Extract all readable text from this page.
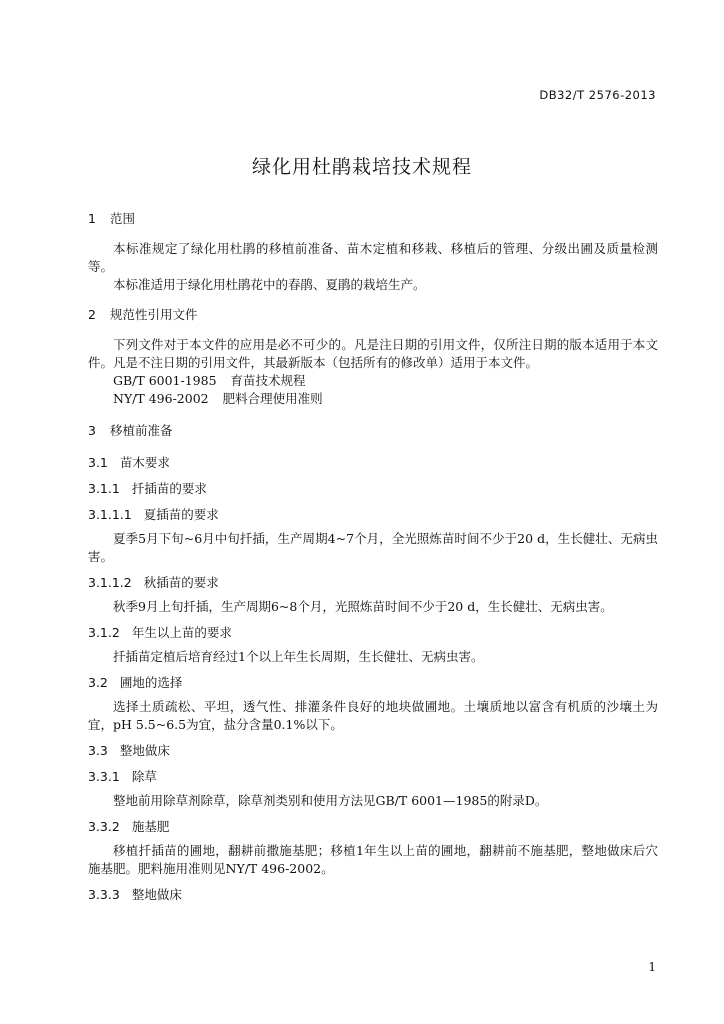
DB32/T 2576-2013
绿化用杜鹃栽培技术规程
1 范围

本标准规定了绿化用杜鹃的移植前准备、苗木定植和移栽、移植后的管理、分级出圃及质量检测等。

本标准适用于绿化用杜鹃花中的春鹃、夏鹃的栽培生产。

2 规范性引用文件

下列文件对于本文件的应用是必不可少的。凡是注日期的引用文件，仅所注日期的版本适用于本文件。凡是不注日期的引用文件，其最新版本（包括所有的修改单）适用于本文件。

GB/T 6001-1985 育苗技术规程

NY/T 496-2002 肥料合理使用准则

3 移植前准备
3.1 苗木要求
3.1.1 扦插苗的要求
3.1.1.1 夏插苗的要求

夏季5月下旬~6月中旬扦插，生产周期4~7个月，全光照炼苗时间不少于20 d，生长健壮、无病虫害。

3.1.1.2 秋插苗的要求

秋季9月上旬扦插，生产周期6~8个月，光照炼苗时间不少于20 d，生长健壮、无病虫害。

3.1.2 年生以上苗的要求

扦插苗定植后培育经过1个以上年生长周期，生长健壮、无病虫害。

3.2 圃地的选择

选择土质疏松、平坦，透气性、排灌条件良好的地块做圃地。土壤质地以富含有机质的沙壤土为宜，pH 5.5~6.5为宜，盐分含量0.1%以下。

3.3 整地做床
3.3.1 除草

整地前用除草剂除草，除草剂类别和使用方法见GB/T 6001—1985的附录D。

3.3.2 施基肥

移植扦插苗的圃地，翻耕前撒施基肥；移植1年生以上苗的圃地，翻耕前不施基肥，整地做床后穴施基肥。肥料施用准则见NY/T 496-2002。

3.3.3 整地做床
1
